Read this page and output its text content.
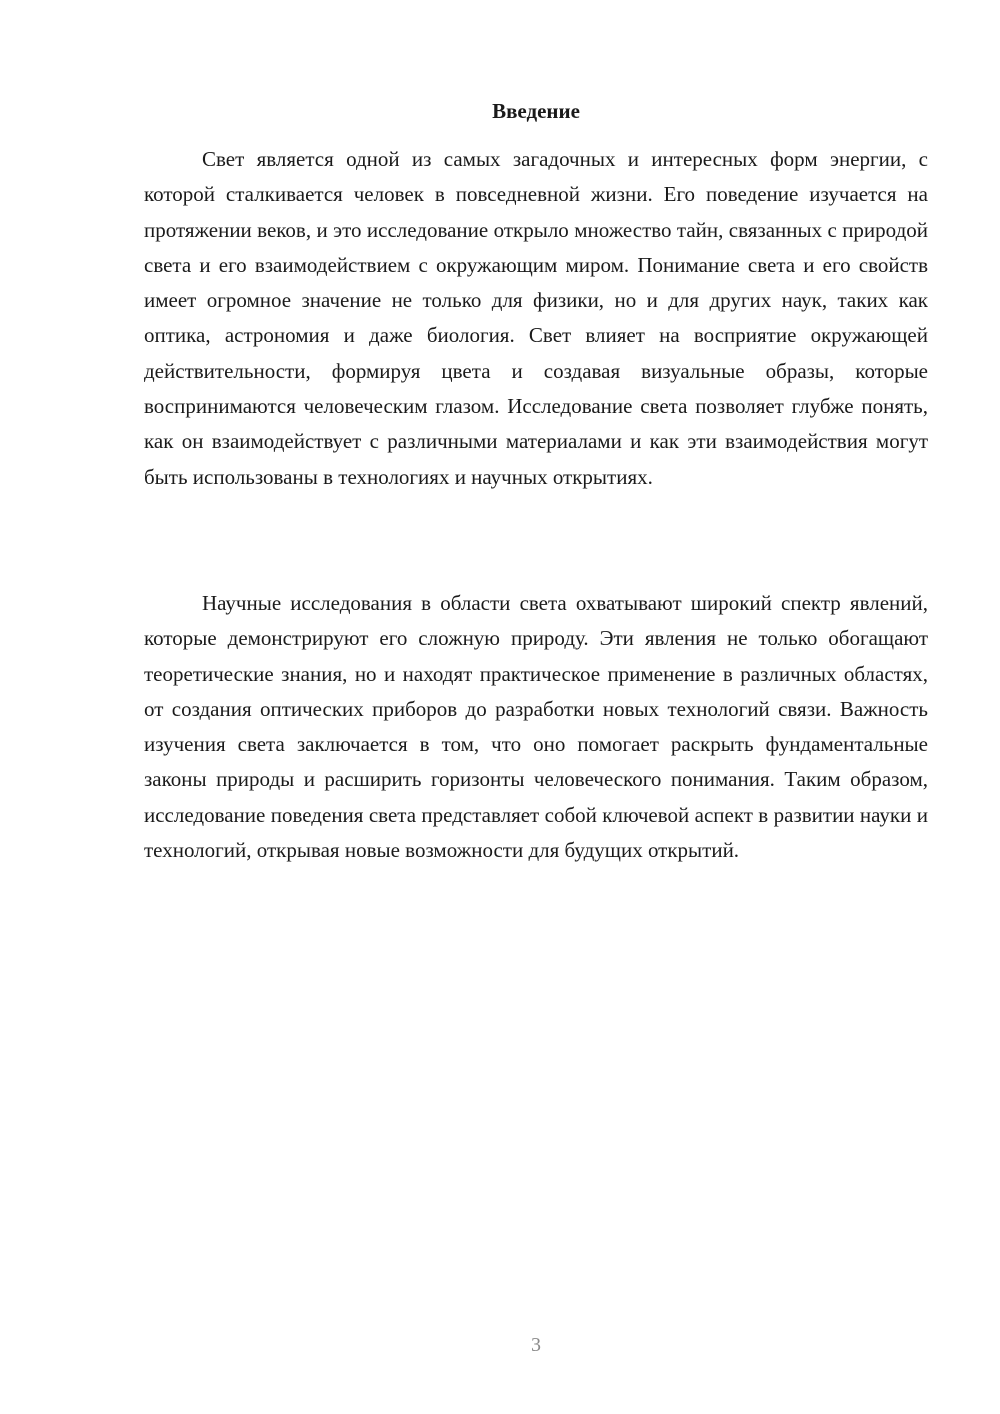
Введение

Свет является одной из самых загадочных и интересных форм энергии, с которой сталкивается человек в повседневной жизни. Его поведение изучается на протяжении веков, и это исследование открыло множество тайн, связанных с природой света и его взаимодействием с окружающим миром. Понимание света и его свойств имеет огромное значение не только для физики, но и для других наук, таких как оптика, астрономия и даже биология. Свет влияет на восприятие окружающей действительности, формируя цвета и создавая визуальные образы, которые воспринимаются человеческим глазом. Исследование света позволяет глубже понять, как он взаимодействует с различными материалами и как эти взаимодействия могут быть использованы в технологиях и научных открытиях.

Научные исследования в области света охватывают широкий спектр явлений, которые демонстрируют его сложную природу. Эти явления не только обогащают теоретические знания, но и находят практическое применение в различных областях, от создания оптических приборов до разработки новых технологий связи. Важность изучения света заключается в том, что оно помогает раскрыть фундаментальные законы природы и расширить горизонты человеческого понимания. Таким образом, исследование поведения света представляет собой ключевой аспект в развитии науки и технологий, открывая новые возможности для будущих открытий.

3
